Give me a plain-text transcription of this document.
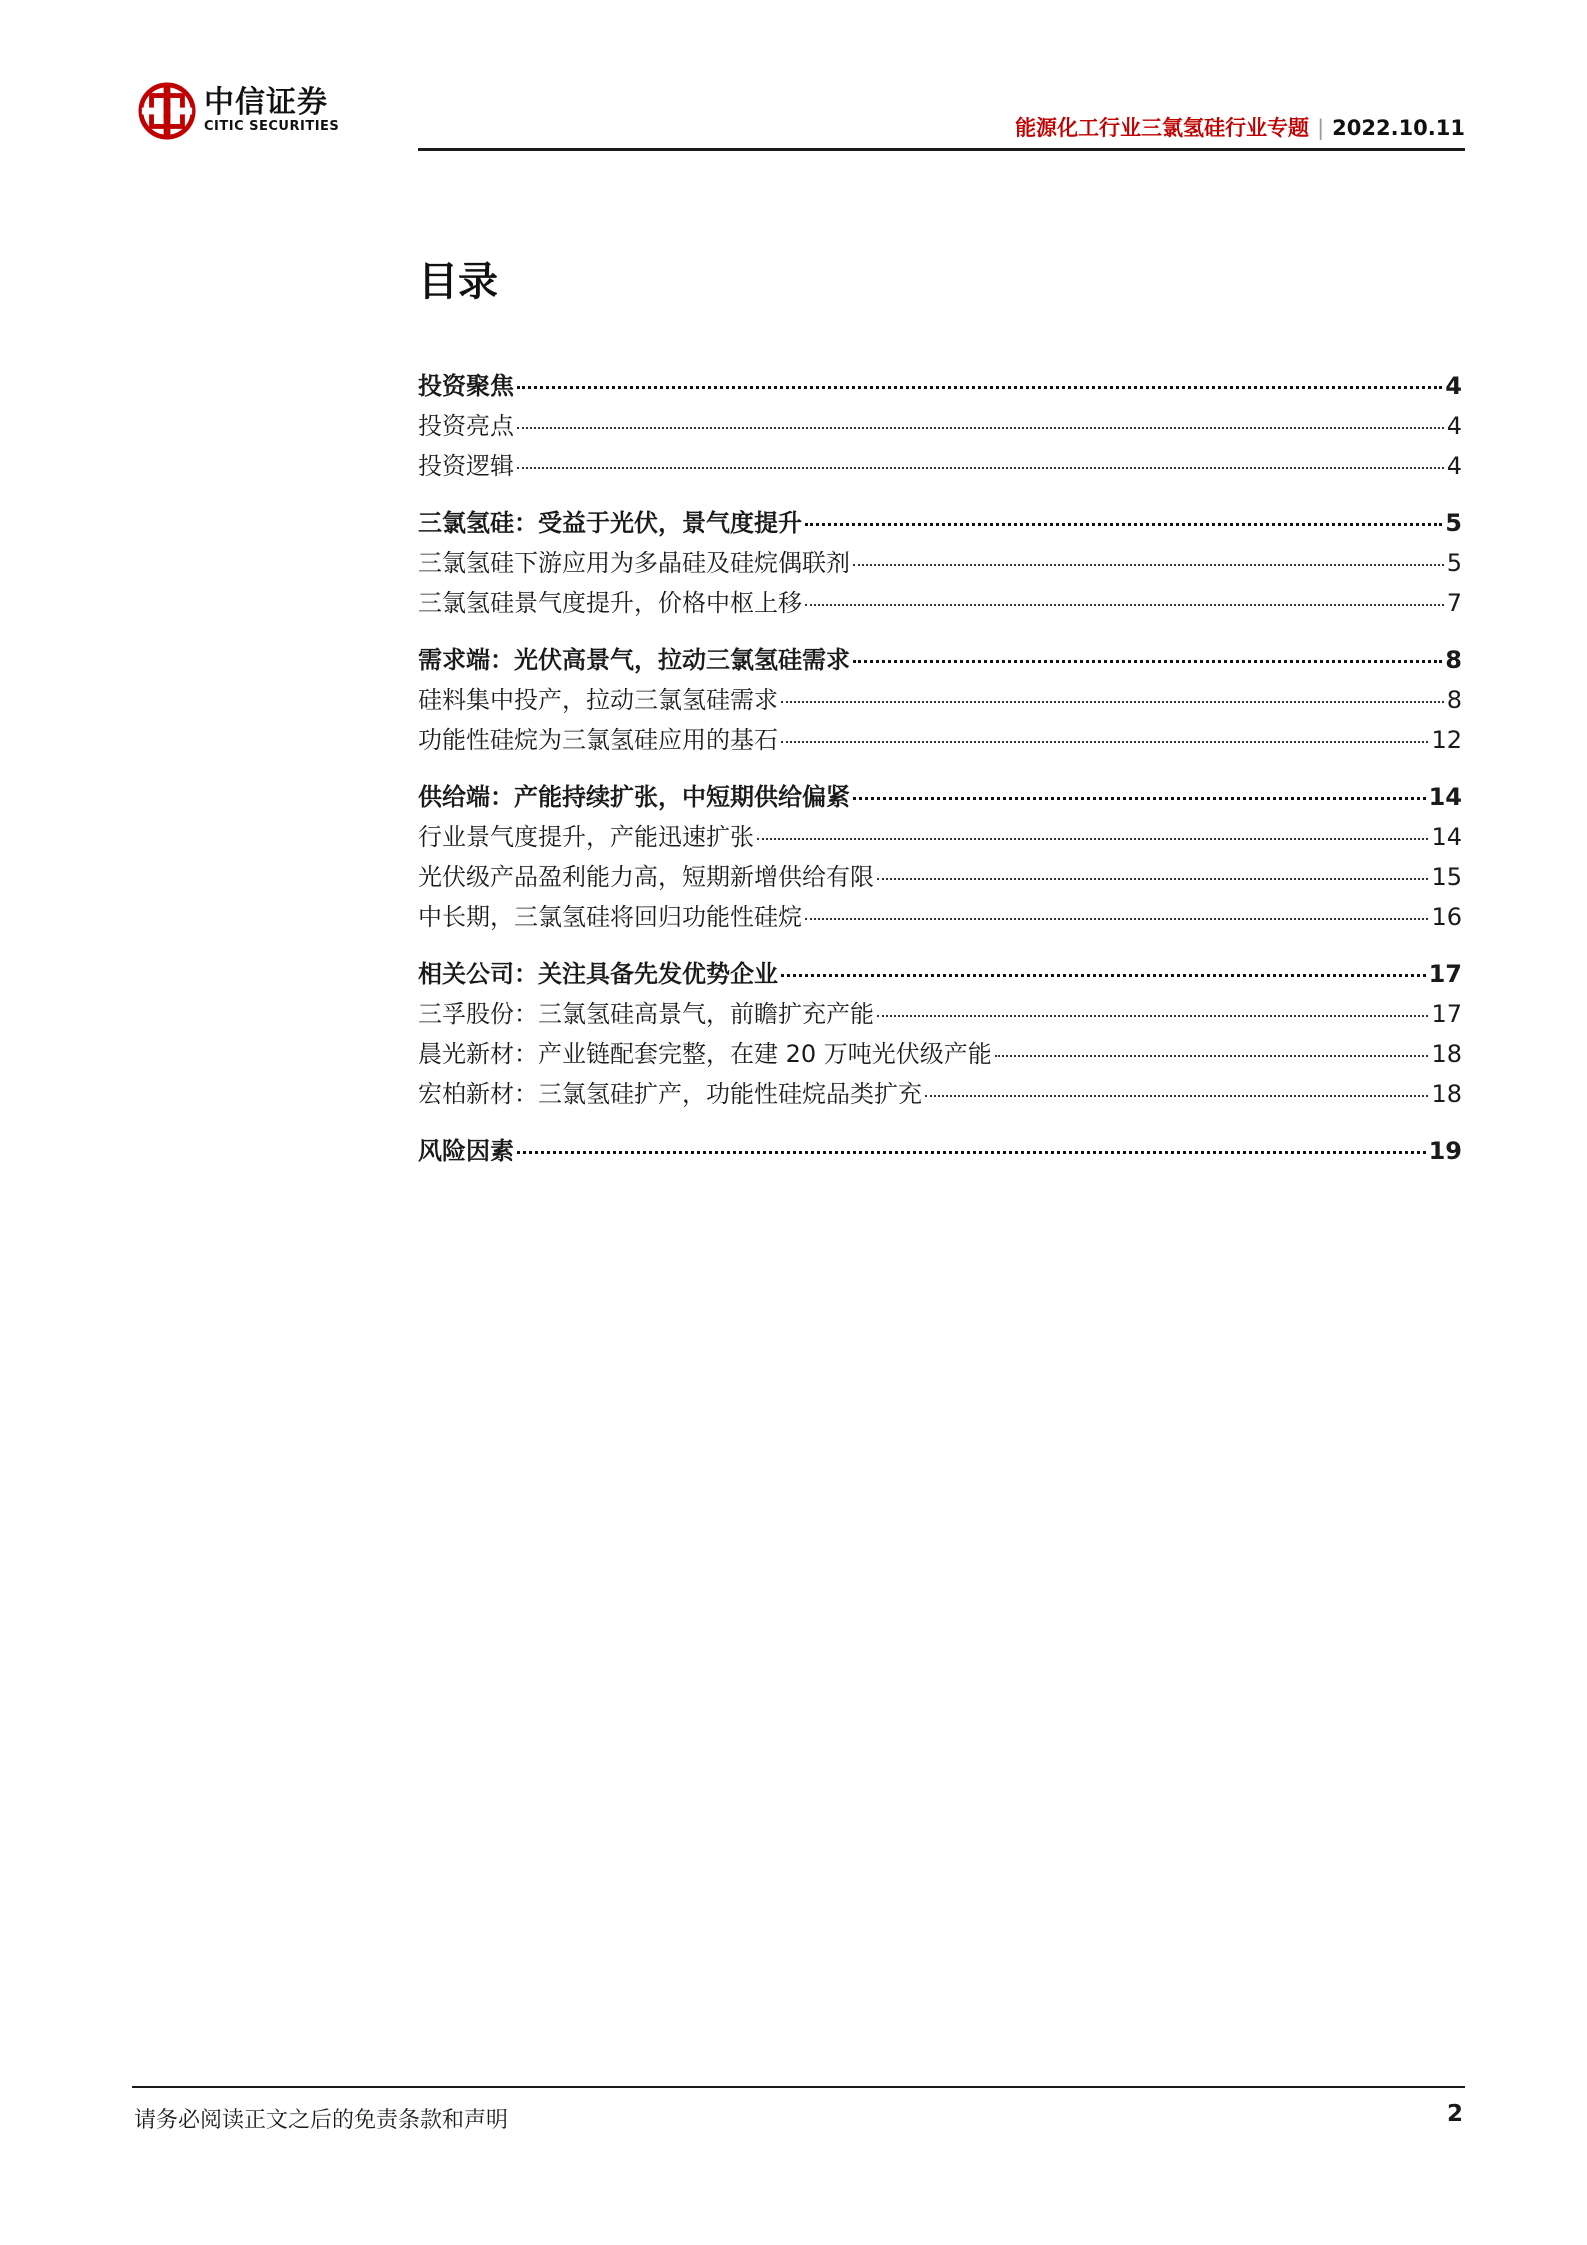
中信证券
CITIC SECURITIES	能源化工行业三氯氢硅行业专题 | 2022.10.11
目录
投资聚焦	4
投资亮点	4
投资逻辑	4
三氯氢硅：受益于光伏，景气度提升	5
三氯氢硅下游应用为多晶硅及硅烷偶联剂	5
三氯氢硅景气度提升，价格中枢上移	7
需求端：光伏高景气，拉动三氯氢硅需求	8
硅料集中投产，拉动三氯氢硅需求	8
功能性硅烷为三氯氢硅应用的基石	12
供给端：产能持续扩张，中短期供给偏紧	14
行业景气度提升，产能迅速扩张	14
光伏级产品盈利能力高，短期新增供给有限	15
中长期，三氯氢硅将回归功能性硅烷	16
相关公司：关注具备先发优势企业	17
三孚股份：三氯氢硅高景气，前瞻扩充产能	17
晨光新材：产业链配套完整，在建 20 万吨光伏级产能	18
宏柏新材：三氯氢硅扩产，功能性硅烷品类扩充	18
风险因素	19
请务必阅读正文之后的免责条款和声明	2
